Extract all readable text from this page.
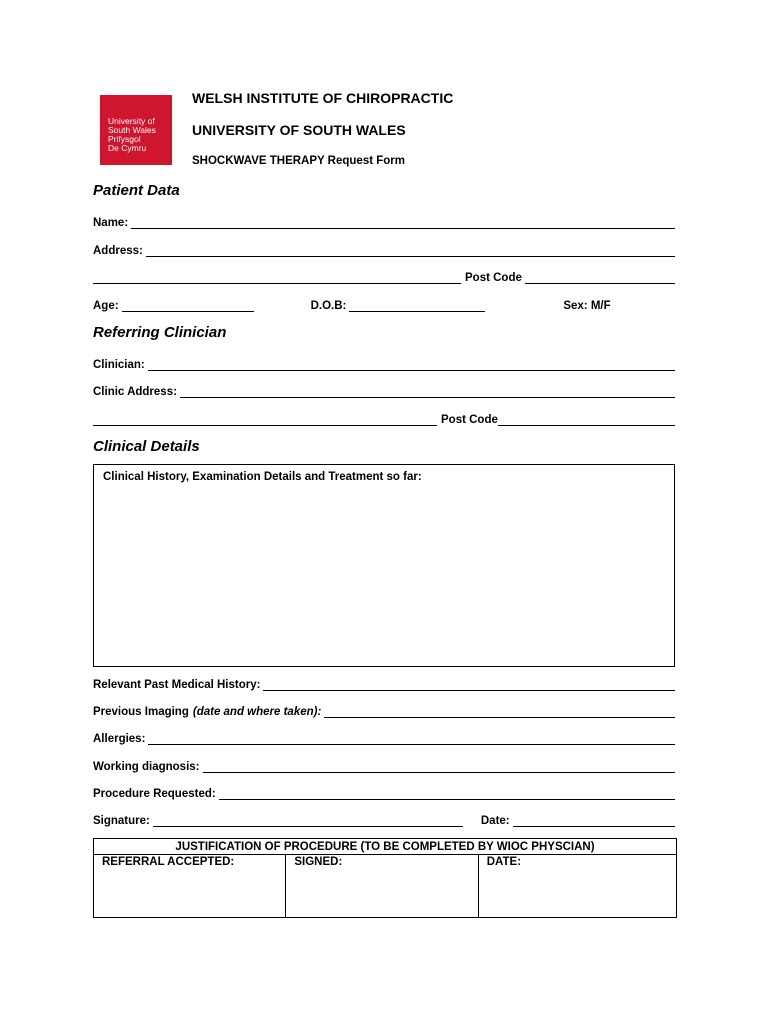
University of
South Wales
Prifysgol
De Cymru
WELSH INSTITUTE OF CHIROPRACTIC
UNIVERSITY OF SOUTH WALES
SHOCKWAVE THERAPY Request Form
Patient Data
Name:
Address:
Post Code
Age:	D.O.B:	Sex: M/F
Referring Clinician
Clinician:
Clinic Address:
Post Code
Clinical Details
Clinical History, Examination Details and Treatment so far:
Relevant Past Medical History:
Previous Imaging (date and where taken):
Allergies:
Working diagnosis:
Procedure Requested:
Signature:	Date:
JUSTIFICATION OF PROCEDURE (TO BE COMPLETED BY WIOC PHYSCIAN)
REFERRAL ACCEPTED:	SIGNED:	DATE:
